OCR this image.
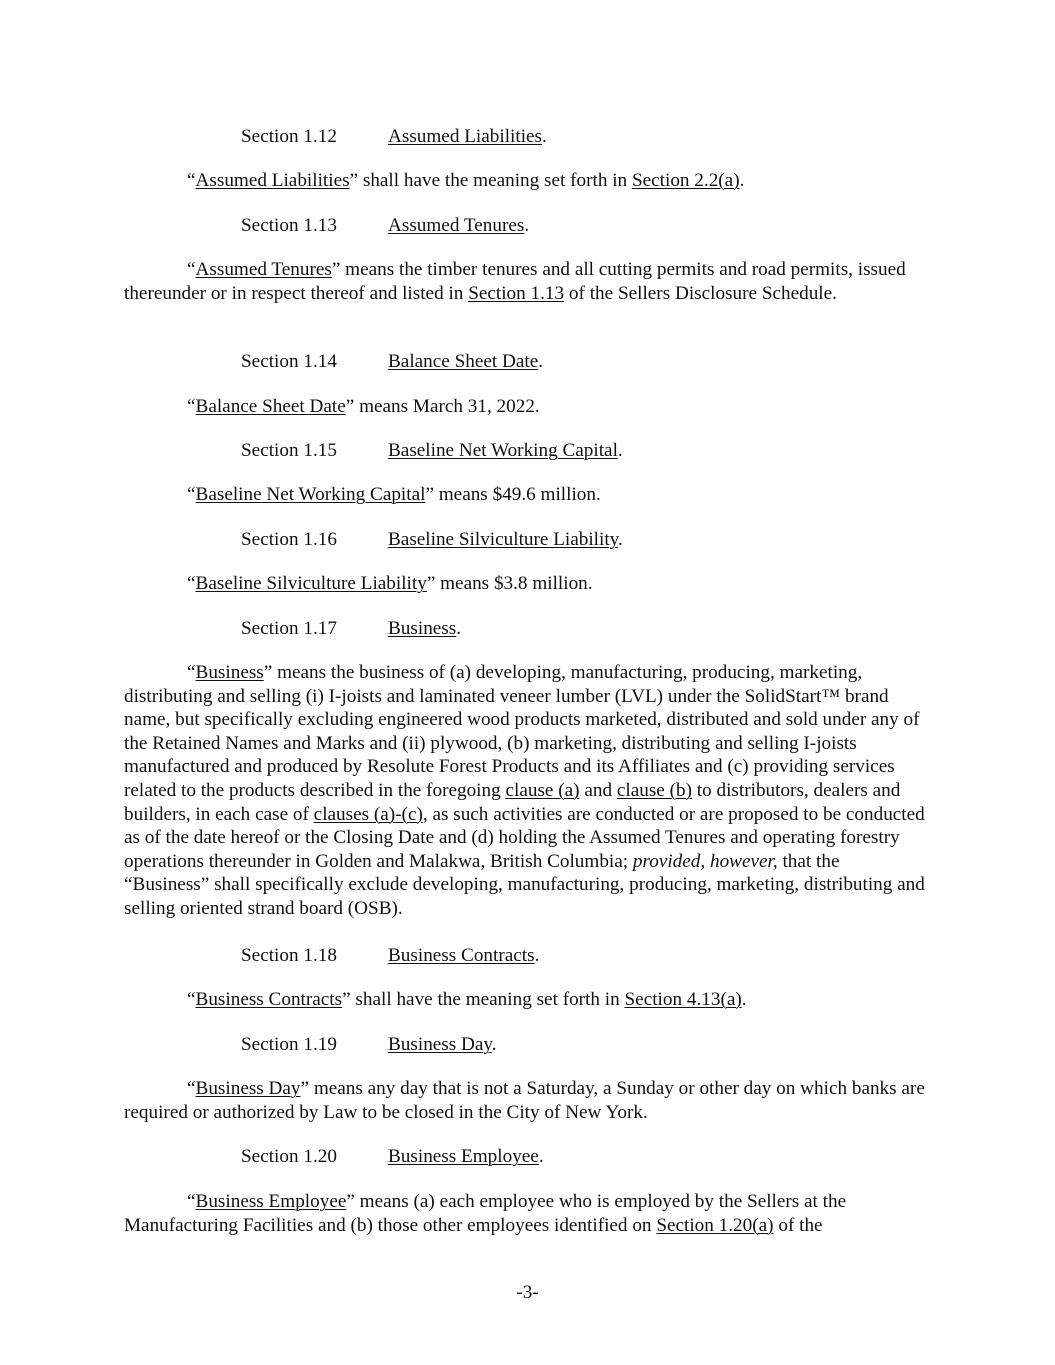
Section 1.12	Assumed Liabilities.
“Assumed Liabilities” shall have the meaning set forth in Section 2.2(a).
Section 1.13	Assumed Tenures.
“Assumed Tenures” means the timber tenures and all cutting permits and road permits, issued thereunder or in respect thereof and listed in Section 1.13 of the Sellers Disclosure Schedule.
Section 1.14	Balance Sheet Date.
“Balance Sheet Date” means March 31, 2022.
Section 1.15	Baseline Net Working Capital.
“Baseline Net Working Capital” means $49.6 million.
Section 1.16	Baseline Silviculture Liability.
“Baseline Silviculture Liability” means $3.8 million.
Section 1.17	Business.
“Business” means the business of (a) developing, manufacturing, producing, marketing, distributing and selling (i) I-joists and laminated veneer lumber (LVL) under the SolidStart™ brand name, but specifically excluding engineered wood products marketed, distributed and sold under any of the Retained Names and Marks and (ii) plywood, (b) marketing, distributing and selling I-joists manufactured and produced by Resolute Forest Products and its Affiliates and (c) providing services related to the products described in the foregoing clause (a) and clause (b) to distributors, dealers and builders, in each case of clauses (a)-(c), as such activities are conducted or are proposed to be conducted as of the date hereof or the Closing Date and (d) holding the Assumed Tenures and operating forestry operations thereunder in Golden and Malakwa, British Columbia; provided, however, that the “Business” shall specifically exclude developing, manufacturing, producing, marketing, distributing and selling oriented strand board (OSB).
Section 1.18	Business Contracts.
“Business Contracts” shall have the meaning set forth in Section 4.13(a).
Section 1.19	Business Day.
“Business Day” means any day that is not a Saturday, a Sunday or other day on which banks are required or authorized by Law to be closed in the City of New York.
Section 1.20	Business Employee.
“Business Employee” means (a) each employee who is employed by the Sellers at the Manufacturing Facilities and (b) those other employees identified on Section 1.20(a) of the
-3-
